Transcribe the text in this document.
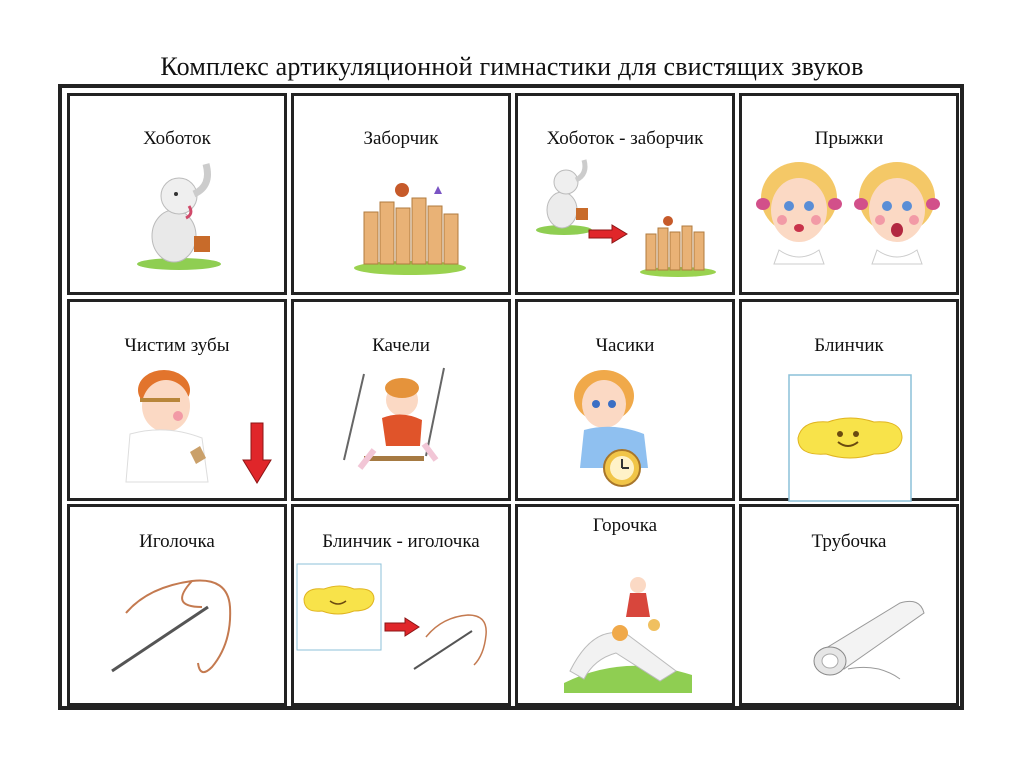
Комплекс артикуляционной гимнастики для свистящих звуков
Хоботок	Заборчик	Хоботок - заборчик	Прыжки
Чистим зубы	Качели	Часики	Блинчик
Иголочка	Блинчик - иголочка
Горочка
Трубочка
